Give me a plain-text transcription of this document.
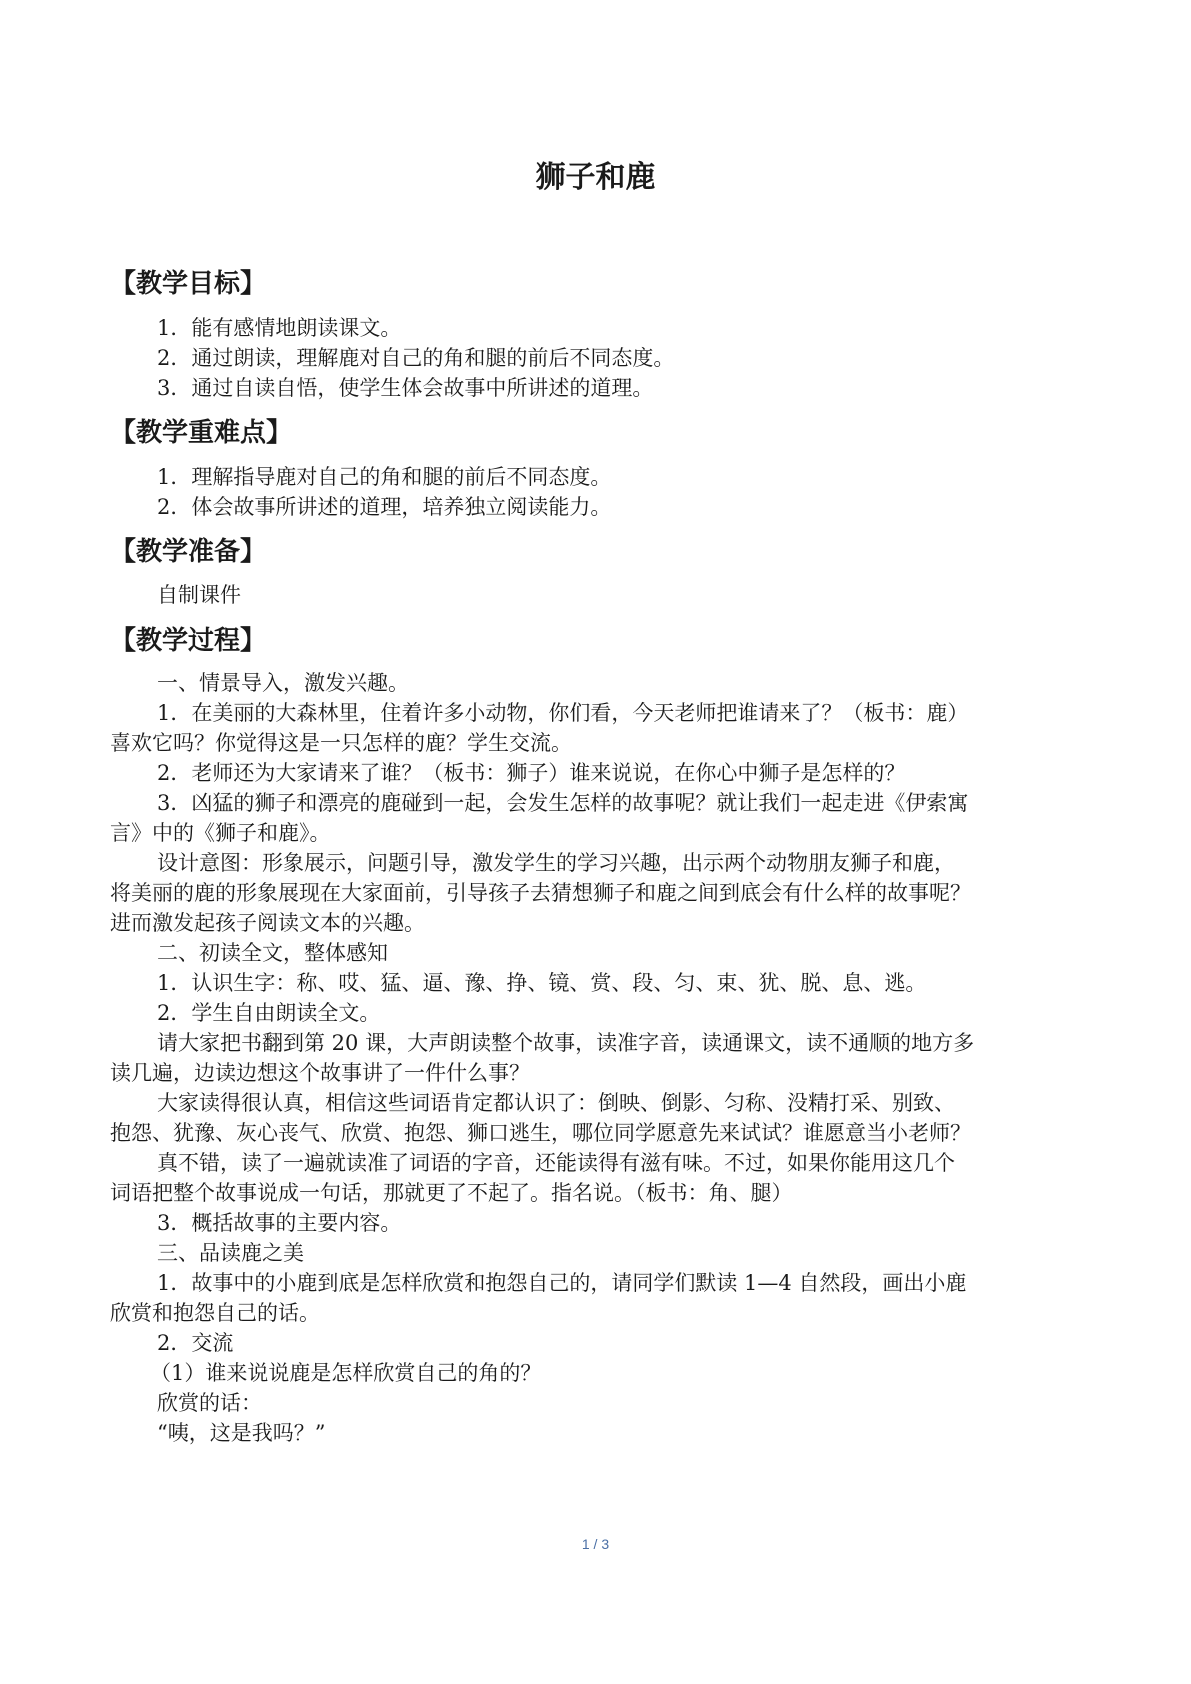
狮子和鹿
【教学目标】
1．能有感情地朗读课文。
2．通过朗读，理解鹿对自己的角和腿的前后不同态度。
3．通过自读自悟，使学生体会故事中所讲述的道理。
【教学重难点】
1．理解指导鹿对自己的角和腿的前后不同态度。
2．体会故事所讲述的道理，培养独立阅读能力。
【教学准备】
自制课件
【教学过程】
一、情景导入，激发兴趣。
1．在美丽的大森林里，住着许多小动物，你们看，今天老师把谁请来了？（板书：鹿）
喜欢它吗？你觉得这是一只怎样的鹿？学生交流。
2．老师还为大家请来了谁？（板书：狮子）谁来说说，在你心中狮子是怎样的？
3．凶猛的狮子和漂亮的鹿碰到一起，会发生怎样的故事呢？就让我们一起走进《伊索寓
言》中的《狮子和鹿》。
设计意图：形象展示，问题引导，激发学生的学习兴趣，出示两个动物朋友狮子和鹿，
将美丽的鹿的形象展现在大家面前，引导孩子去猜想狮子和鹿之间到底会有什么样的故事呢？
进而激发起孩子阅读文本的兴趣。
二、初读全文，整体感知
1．认识生字：称、哎、猛、逼、豫、挣、镜、赏、段、匀、束、犹、脱、息、逃。
2．学生自由朗读全文。
请大家把书翻到第 20 课，大声朗读整个故事，读准字音，读通课文，读不通顺的地方多
读几遍，边读边想这个故事讲了一件什么事？
大家读得很认真，相信这些词语肯定都认识了：倒映、倒影、匀称、没精打采、别致、
抱怨、犹豫、灰心丧气、欣赏、抱怨、狮口逃生，哪位同学愿意先来试试？谁愿意当小老师？
真不错，读了一遍就读准了词语的字音，还能读得有滋有味。不过，如果你能用这几个
词语把整个故事说成一句话，那就更了不起了。指名说。（板书：角、腿）
3．概括故事的主要内容。
三、品读鹿之美
1．故事中的小鹿到底是怎样欣赏和抱怨自己的，请同学们默读 1—4 自然段，画出小鹿
欣赏和抱怨自己的话。
2．交流
（1）谁来说说鹿是怎样欣赏自己的角的？
欣赏的话：
“咦，这是我吗？”
1 / 3
